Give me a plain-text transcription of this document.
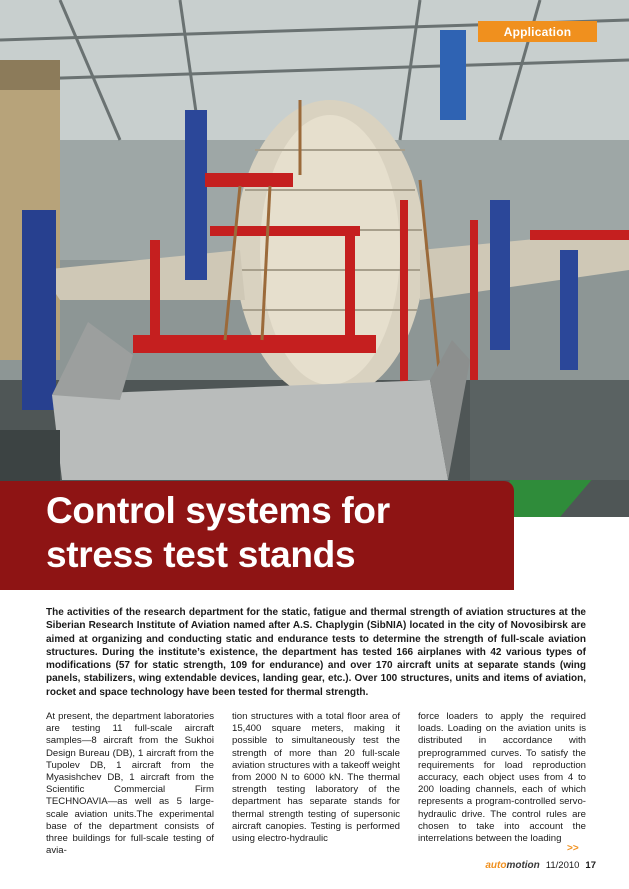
Application
Control systems for
stress test stands

The activities of the research department for the static, fatigue and thermal strength of aviation structures at the Siberian Research Institute of Aviation named after A.S. Chaplygin (SibNIA) located in the city of Novosibirsk are aimed at organizing and conducting static and endurance tests to determine the strength of full-scale aviation structures. During the institute’s existence, the department has tested 166 airplanes with 42 various types of modifications (57 for static strength, 109 for endurance) and over 170 aircraft units at separate stands (wing panels, stabilizers, wing extendable devices, landing gear, etc.). Over 100 structures, units and items of aviation, rocket and space technology have been tested for thermal strength.

At present, the department laboratories are testing 11 full-scale aircraft samples—8 aircraft from the Sukhoi Design Bureau (DB), 1 aircraft from the Tupolev DB, 1 aircraft from the Myasishchev DB, 1 aircraft from the Scientific Commercial Firm TECHNOAVIA—as well as 5 large-scale aviation units.The experimental base of the department consists of three buildings for full-scale testing of avia-

tion structures with a total floor area of 15,400 square meters, making it possible to simultaneously test the strength of more than 20 full-scale aviation structures with a takeoff weight from 2000 N to 6000 kN. The thermal strength testing laboratory of the department has separate stands for thermal strength testing of supersonic aircraft canopies. Testing is performed using electro-hydraulic

force loaders to apply the required loads. Loading on the aviation units is distributed in accordance with preprogrammed curves. To satisfy the requirements for load reproduction accuracy, each object uses from 4 to 200 loading channels, each of which represents a program-controlled servo-hydraulic drive. The control rules are chosen to take into account the interrelations between the loading

>>
automotion 11/2010 17
